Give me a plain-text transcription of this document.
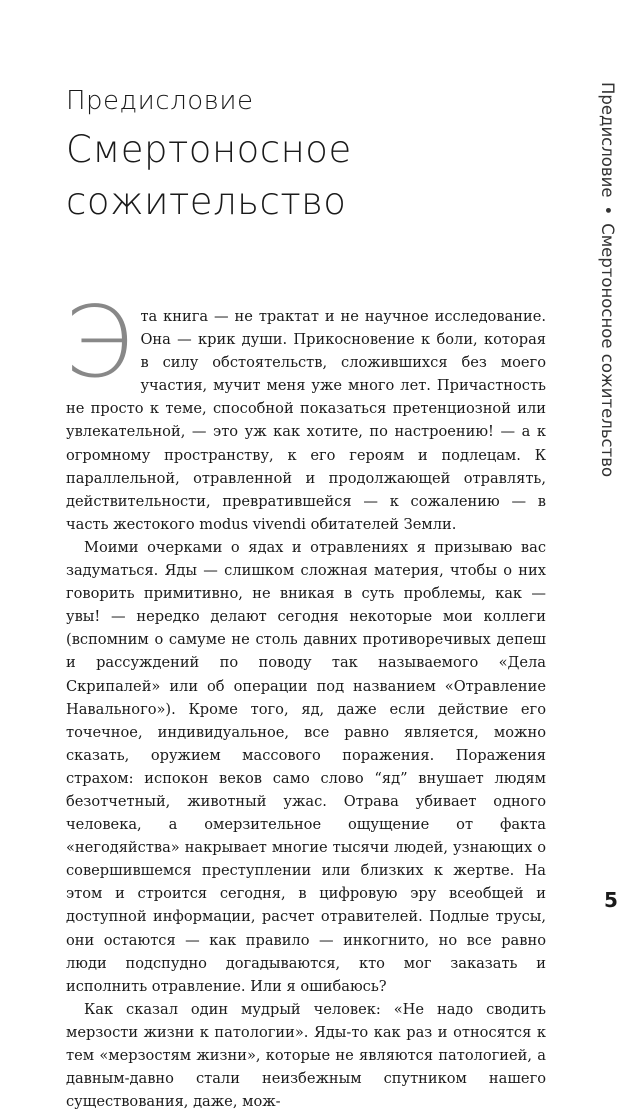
Предисловие
Смертоносное
сожительство
Предисловие•Смертоносное сожительство

Эта книга — не трактат и не научное исследование. Она — крик души. Прикосновение к боли, которая в силу обстоятельств, сложившихся без моего участия, мучит меня уже много лет. Причастность не просто к теме, способной показаться претенциозной или увлекательной, — это уж как хотите, по настроению! — а к огромному пространству, к его героям и подлецам. К параллельной, отравленной и продолжающей отравлять, действительности, превратившейся — к сожалению — в часть жестокого modus vivendi обитателей Земли.

Моими очерками о ядах и отравлениях я призываю вас задуматься. Яды — слишком сложная материя, чтобы о них говорить примитивно, не вникая в суть проблемы, как — увы! — нередко делают сегодня некоторые мои коллеги (вспомним о самуме не столь давних противоречивых депеш и рассуждений по поводу так называемого «Дела Скрипалей» или об операции под названием «Отравление Навального»). Кроме того, яд, даже если действие его точечное, индивидуальное, все равно является, можно сказать, оружием массового поражения. Поражения страхом: испокон веков само слово “яд” внушает людям безотчетный, животный ужас. Отрава убивает одного человека, а омерзительное ощущение от факта «негодяйства» накрывает многие тысячи людей, узнающих о совершившемся преступлении или близких к жертве. На этом и строится сегодня, в цифровую эру всеобщей и доступной информации, расчет отравителей. Подлые трусы, они остаются — как правило — инкогнито, но все равно люди подспудно догадываются, кто мог заказать и исполнить отравление. Или я ошибаюсь?

Как сказал один мудрый человек: «Не надо сводить мерзости жизни к патологии». Яды-то как раз и относятся к тем «мерзостям жизни», которые не являются патологией, а давным-давно стали неизбежным спутником нашего существования, даже, мож-

5
